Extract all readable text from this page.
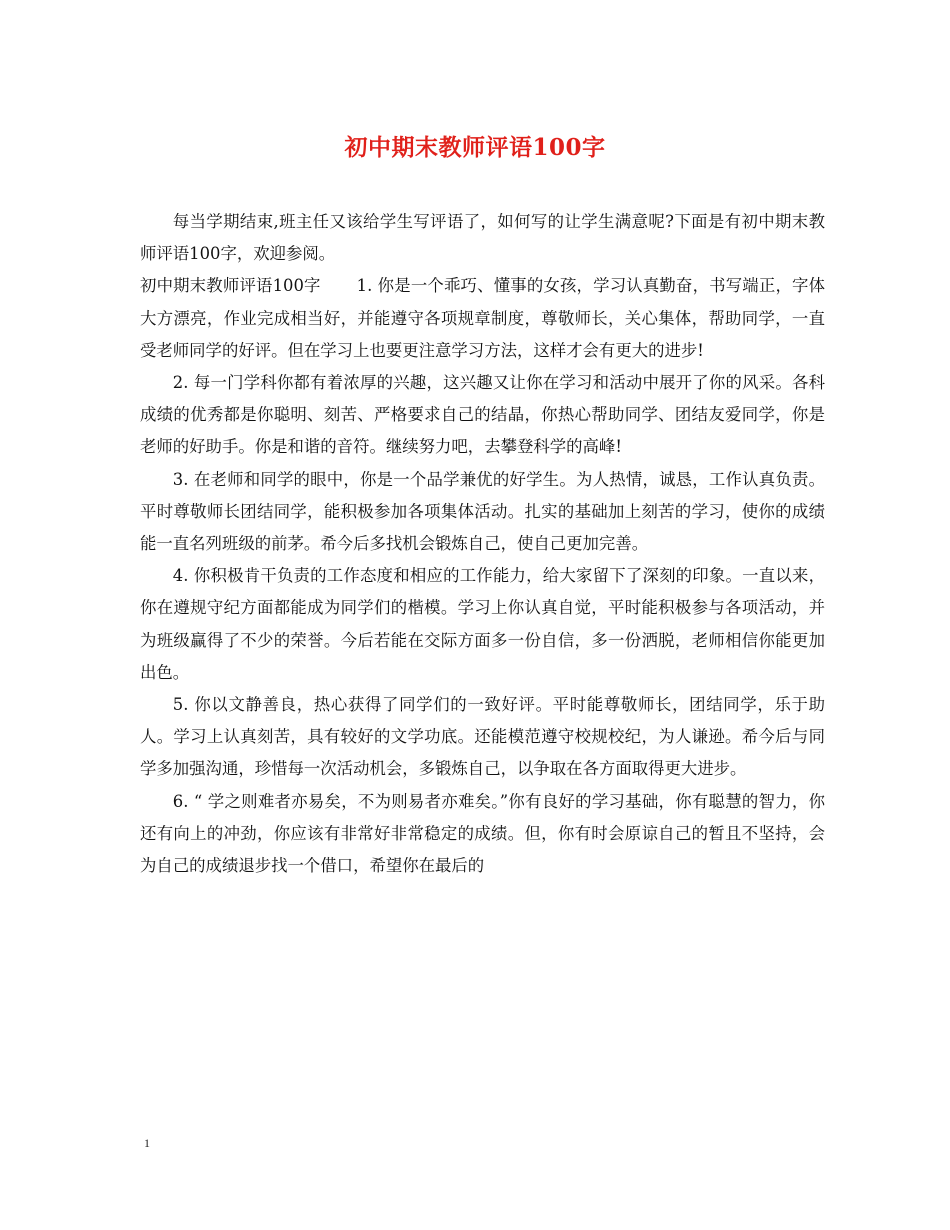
初中期末教师评语100字

每当学期结束,班主任又该给学生写评语了，如何写的让学生满意呢?下面是有初中期末教师评语100字，欢迎参阅。

初中期末教师评语100字 1. 你是一个乖巧、懂事的女孩，学习认真勤奋，书写端正，字体大方漂亮，作业完成相当好，并能遵守各项规章制度，尊敬师长，关心集体，帮助同学，一直受老师同学的好评。但在学习上也要更注意学习方法，这样才会有更大的进步!

2. 每一门学科你都有着浓厚的兴趣，这兴趣又让你在学习和活动中展开了你的风采。各科成绩的优秀都是你聪明、刻苦、严格要求自己的结晶，你热心帮助同学、团结友爱同学，你是老师的好助手。你是和谐的音符。继续努力吧，去攀登科学的高峰!

3. 在老师和同学的眼中，你是一个品学兼优的好学生。为人热情，诚恳，工作认真负责。平时尊敬师长团结同学，能积极参加各项集体活动。扎实的基础加上刻苦的学习，使你的成绩能一直名列班级的前茅。希今后多找机会锻炼自己，使自己更加完善。

4. 你积极肯干负责的工作态度和相应的工作能力，给大家留下了深刻的印象。一直以来，你在遵规守纪方面都能成为同学们的楷模。学习上你认真自觉，平时能积极参与各项活动，并为班级赢得了不少的荣誉。今后若能在交际方面多一份自信，多一份洒脱，老师相信你能更加出色。

5. 你以文静善良，热心获得了同学们的一致好评。平时能尊敬师长，团结同学，乐于助人。学习上认真刻苦，具有较好的文学功底。还能模范遵守校规校纪，为人谦逊。希今后与同学多加强沟通，珍惜每一次活动机会，多锻炼自己，以争取在各方面取得更大进步。

6. “ 学之则难者亦易矣，不为则易者亦难矣。”你有良好的学习基础，你有聪慧的智力，你还有向上的冲劲，你应该有非常好非常稳定的成绩。但，你有时会原谅自己的暂且不坚持，会为自己的成绩退步找一个借口，希望你在最后的

1
